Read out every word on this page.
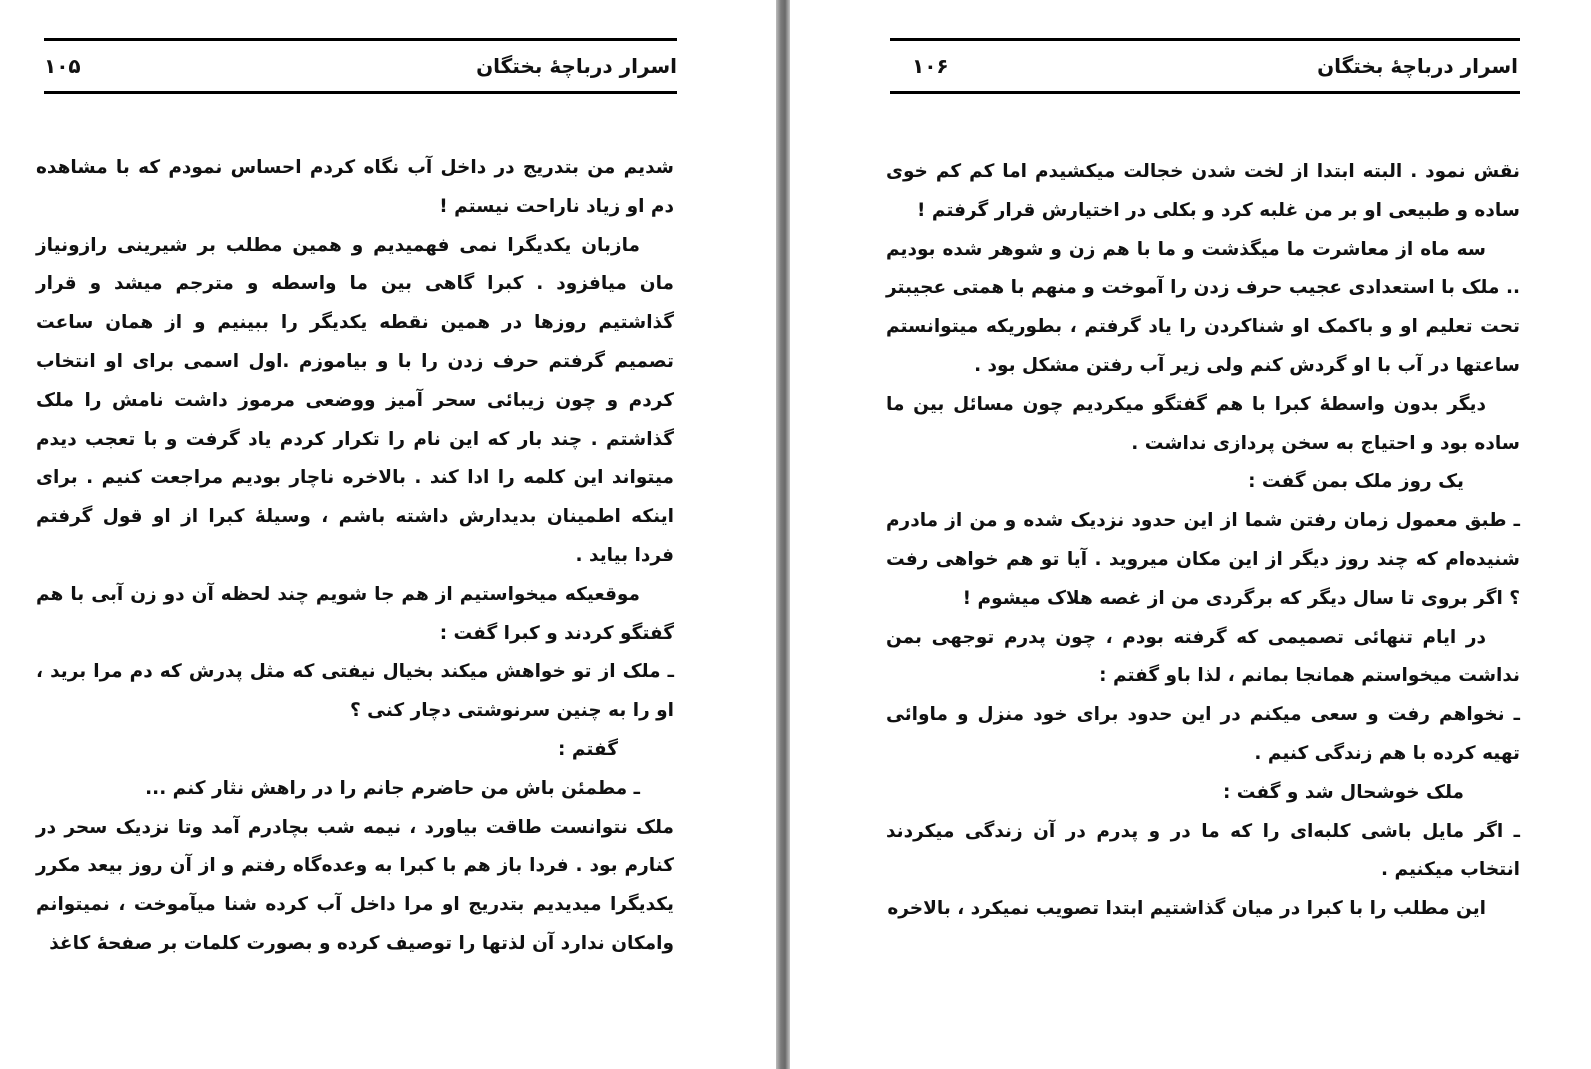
۱۰۵	اسرار درباچهٔ بختگان

شدیم من بتدریج در داخل آب نگاه کردم احساس نمودم که با مشاهده ‌دم او زیاد ناراحت نیستم !

مازبان یکدیگرا نمی فهمیدیم و همین مطلب بر شیرینی رازونیاز مان میافزود . کبرا گاهی بین ما واسطه و مترجم میشد و قرار گذاشتیم روزها در همین نقطه یکدیگر را ببینیم و از همان ساعت تصمیم گرفتم حرف زدن را با و بیاموزم .اول اسمی برای او انتخاب کردم و چون زیبائی سحر آمیز ووضعی مرموز داشت نامش را ملک گذاشتم . چند بار که این نام را تکرار کردم یاد گرفت و با تعجب دیدم میتواند این کلمه را ادا کند . بالاخره ناچار بودیم مراجعت کنیم . برای اینکه اطمینان بدیدارش داشته باشم ، وسیلهٔ کبرا از او قول گرفتم فردا بیاید .

موقعیکه میخواستیم از هم جا شویم چند لحظه آن دو زن آبی با هم گفتگو کردند و کبرا گفت :

ـ ملک از تو خواهش میکند بخیال نیفتی که مثل پدرش که دم مرا برید ، او را به چنین سرنوشتی دچار کنی ؟

گفتم :

ـ مطمئن باش من حاضرم جانم را در راهش نثار کنم ...

ملک نتوانست طاقت بیاورد ، نیمه شب بچادرم آمد وتا نزدیک سحر در کنارم بود . فردا باز هم با کبرا به وعده‌گاه رفتم و از آن روز بیعد مکرر یکدیگرا میدیدیم بتدریج او مرا داخل آب کرده شنا میآموخت ، نمیتوانم وامکان ندارد آن لذتها را توصیف کرده و بصورت کلمات بر صفحهٔ کاغذ

۱۰۶	اسرار درباچهٔ بختگان

نقش نمود . البته ابتدا از لخت شدن خجالت میکشیدم اما کم کم خوی ساده و طبیعی او بر من غلبه کرد و بکلی در اختیارش قرار گرفتم !

سه ماه از معاشرت ما میگذشت و ما با هم زن و شوهر شده بودیم .. ملک با استعدادی عجیب حرف زدن را آموخت و منهم با همتی عجیبتر تحت تعلیم او و باکمک او شناکردن را یاد گرفتم ، بطوریکه میتوانستم ساعتها در آب با او گردش کنم ولی زیر آب رفتن مشکل بود .

دیگر بدون واسطهٔ کبرا با هم گفتگو میکردیم چون مسائل بین ما ساده بود و احتیاج به سخن پردازی نداشت .

یک روز ملک بمن گفت :

ـ طبق معمول زمان رفتن شما از این حدود نزدیک شده و من از مادرم شنیده‌ام که چند روز دیگر از این مکان میروید . آیا تو هم خواهی رفت ؟ اگر بروی تا سال دیگر که برگردی من از غصه هلاک میشوم !

در ایام تنهائی تصمیمی که گرفته بودم ، چون پدرم توجهی بمن نداشت میخواستم همانجا بمانم ، لذا باو گفتم :

ـ نخواهم رفت و سعی میکنم در این حدود برای خود منزل و ماوائی تهیه کرده با هم زندگی کنیم .

ملک خوشحال شد و گفت :

ـ اگر مایل باشی کلبه‌ای را که ما در و پدرم در آن زندگی میکردند انتخاب میکنیم .

این مطلب را با کبرا در میان گذاشتیم ابتدا تصویب نمیکرد ، بالاخره
